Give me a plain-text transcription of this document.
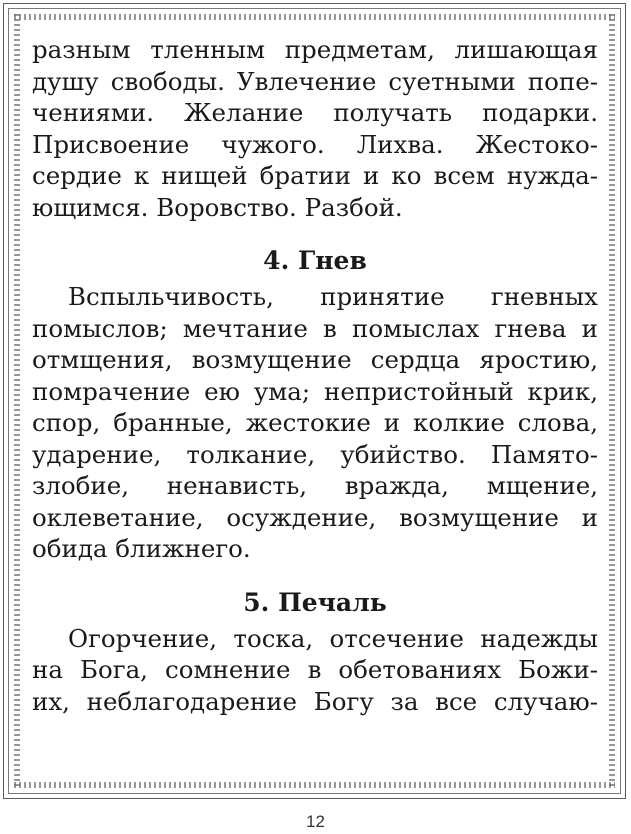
разным тленным предметам, лишающая
душу свободы. Увлечение суетными попе-
чениями. Желание получать подарки.
Присвоение чужого. Лихва. Жестоко-
сердие к нищей братии и ко всем нужда-
ющимся. Воровство. Разбой.

4. Гнев

Вспыльчивость, принятие гневных
помыслов; мечтание в помыслах гнева и
отмщения, возмущение сердца яростию,
помрачение ею ума; непристойный крик,
спор, бранные, жестокие и колкие слова,
ударение, толкание, убийство. Памято-
злобие, ненависть, вражда, мщение,
оклеветание, осуждение, возмущение и
обида ближнего.

5. Печаль

Огорчение, тоска, отсечение надежды
на Бога, сомнение в обетованиях Божи-
их, неблагодарение Богу за все случаю-

12
